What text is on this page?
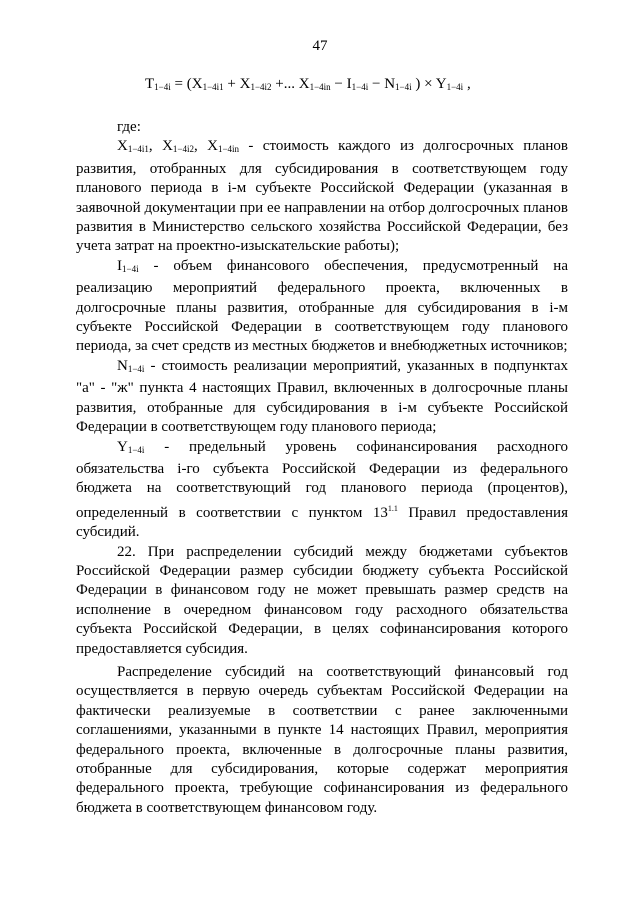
47
$T_{1-4i} = (X_{1-4i1} + X_{1-4i2}$ +... $X_{1-4in} - I_{1-4i} - N_{1-4i}$ ) × $Y_{1-4i}$ ,

где:

$X_{1-4i1}$, $X_{1-4i2}$, $X_{1-4in}$ - стоимость каждого из долгосрочных планов развития, отобранных для субсидирования в соответствующем году планового периода в i-м субъекте Российской Федерации (указанная в заявочной документации при ее направлении на отбор долгосрочных планов развития в Министерство сельского хозяйства Российской Федерации, без учета затрат на проектно-изыскательские работы);

$I_{1-4i}$ - объем финансового обеспечения, предусмотренный на реализацию мероприятий федерального проекта, включенных в долгосрочные планы развития, отобранные для субсидирования в i-м субъекте Российской Федерации в соответствующем году планового периода, за счет средств из местных бюджетов и внебюджетных источников;

$N_{1-4i}$ - стоимость реализации мероприятий, указанных в подпунктах "а" - "ж" пункта 4 настоящих Правил, включенных в долгосрочные планы развития, отобранные для субсидирования в i-м субъекте Российской Федерации в соответствующем году планового периода;

$Y_{1-4i}$ - предельный уровень софинансирования расходного обязательства i-го субъекта Российской Федерации из федерального бюджета на соответствующий год планового периода (процентов), определенный в соответствии с пунктом $13^{1.1}$ Правил предоставления субсидий.

22. При распределении субсидий между бюджетами субъектов Российской Федерации размер субсидии бюджету субъекта Российской Федерации в финансовом году не может превышать размер средств на исполнение в очередном финансовом году расходного обязательства субъекта Российской Федерации, в целях софинансирования которого предоставляется субсидия.

Распределение субсидий на соответствующий финансовый год осуществляется в первую очередь субъектам Российской Федерации на фактически реализуемые в соответствии с ранее заключенными соглашениями, указанными в пункте 14 настоящих Правил, мероприятия федерального проекта, включенные в долгосрочные планы развития, отобранные для субсидирования, которые содержат мероприятия федерального проекта, требующие софинансирования из федерального бюджета в соответствующем финансовом году.
